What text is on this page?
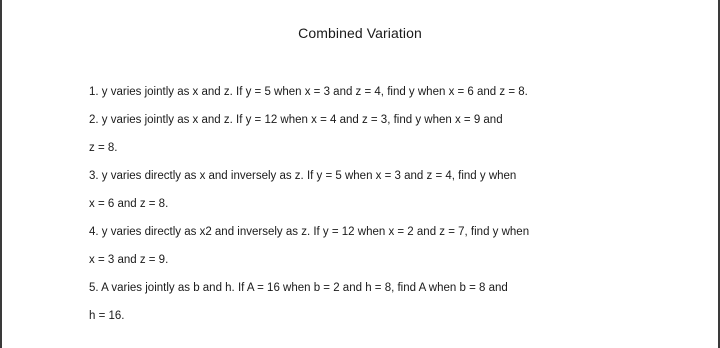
Combined Variation
1. y varies jointly as x and z. If y = 5 when x = 3 and z = 4, find y when x = 6 and z = 8.
2. y varies jointly as x and z. If y = 12 when x = 4 and z = 3, find y when x = 9 and
z = 8.
3. y varies directly as x and inversely as z. If y = 5 when x = 3 and z = 4, find y when
x = 6 and z = 8.
4. y varies directly as x2 and inversely as z. If y = 12 when x = 2 and z = 7, find y when
x = 3 and z = 9.
5. A varies jointly as b and h. If A = 16 when b = 2 and h = 8, find A when b = 8 and
h = 16.
